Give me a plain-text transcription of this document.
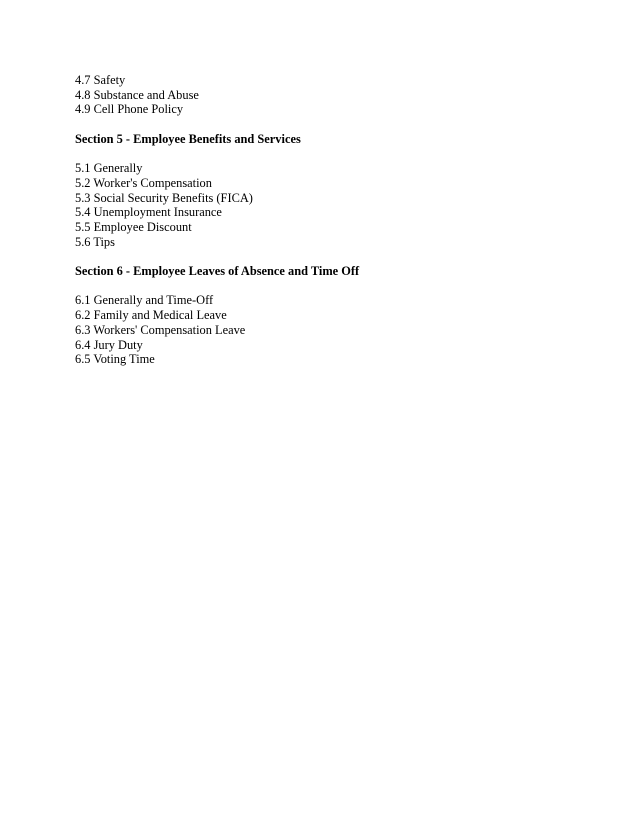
4.7 Safety
4.8 Substance and Abuse
4.9 Cell Phone Policy
Section 5 - Employee Benefits and Services
5.1 Generally
5.2 Worker's Compensation
5.3 Social Security Benefits (FICA)
5.4 Unemployment Insurance
5.5 Employee Discount
5.6 Tips
Section 6 - Employee Leaves of Absence and Time Off
6.1 Generally and Time-Off
6.2 Family and Medical Leave
6.3 Workers' Compensation Leave
6.4 Jury Duty
6.5 Voting Time
